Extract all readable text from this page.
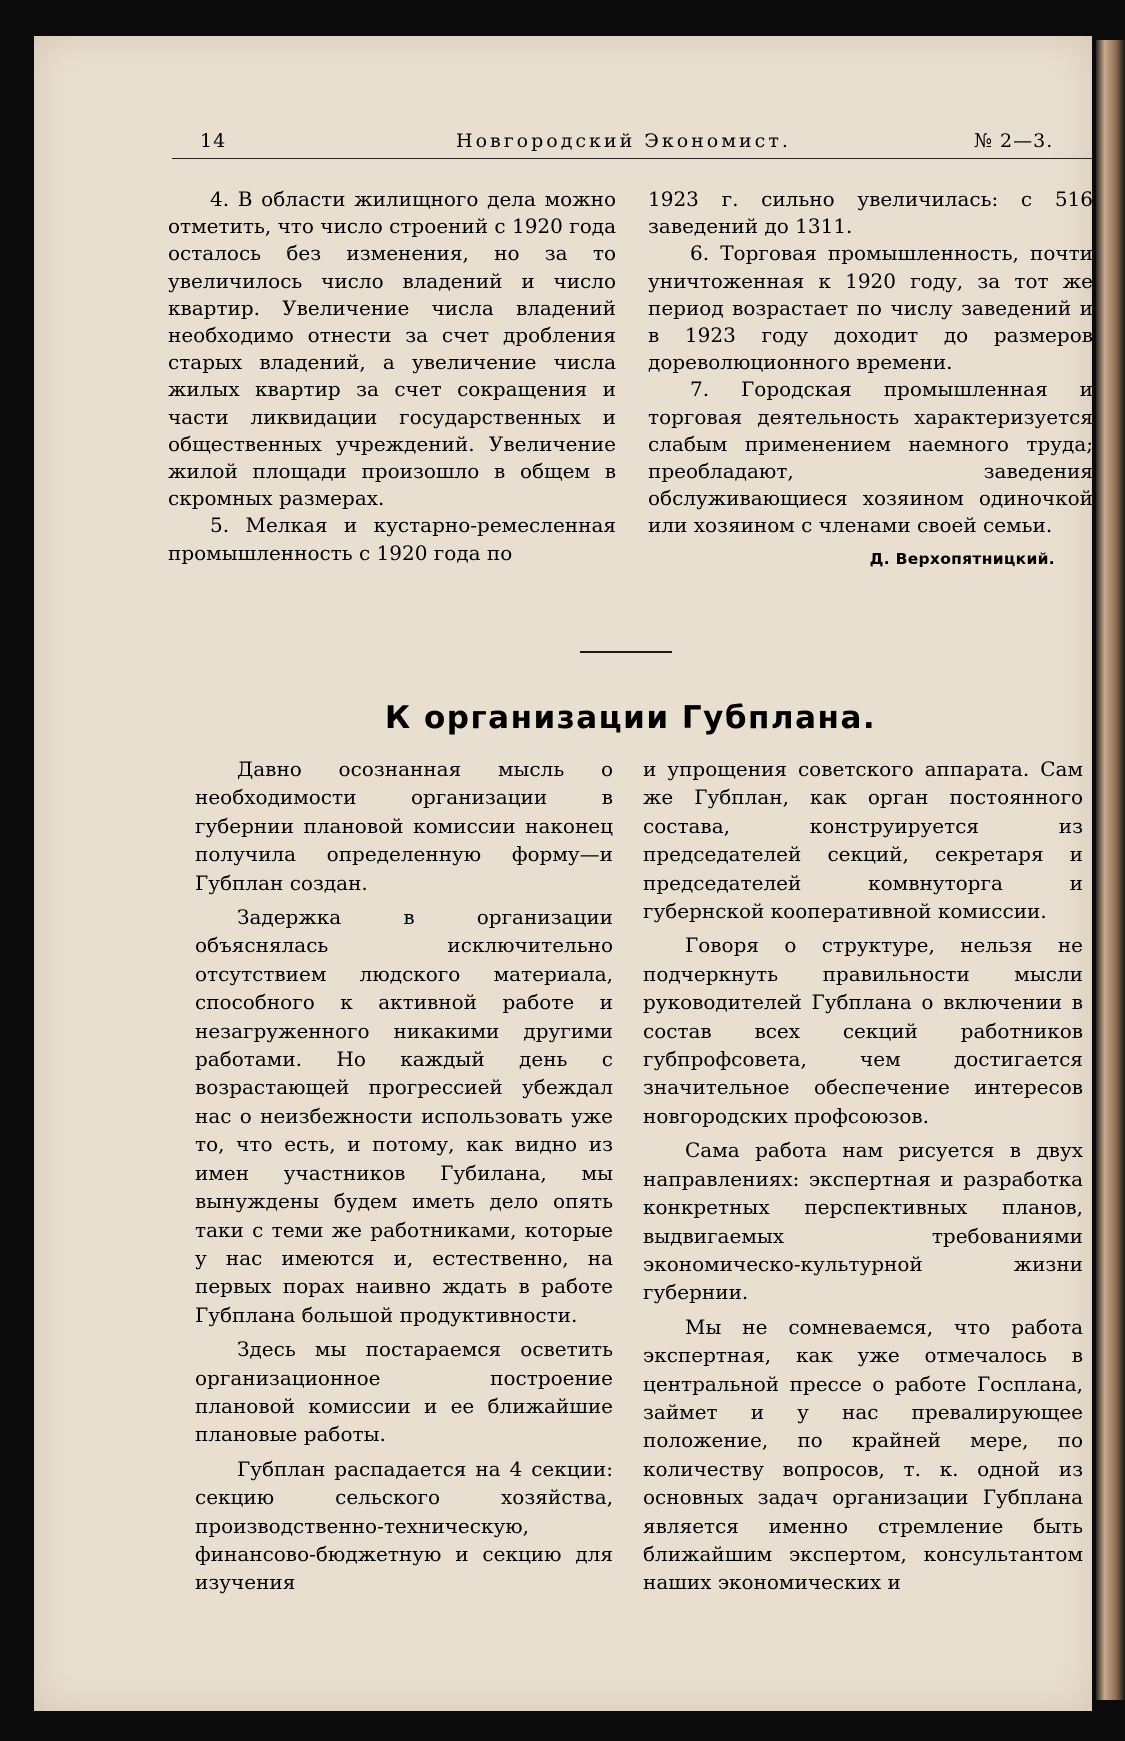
14	Новгородский Экономист.	№ 2—3.

4. В области жилищного дела можно отметить, что число строений с 1920 года осталось без изменения, но за то увеличилось число владений и число квартир. Увеличение числа владений необходимо отнести за счет дробления старых владений, а увеличение числа жилых квартир за счет сокращения и части ликвидации государственных и общественных учреждений. Увеличение жилой площади произошло в общем в скромных размерах.

5. Мелкая и кустарно-ремесленная промышленность с 1920 года по

1923 г. сильно увеличилась: с 516 заведений до 1311.

6. Торговая промышленность, почти уничтоженная к 1920 году, за тот же период возрастает по числу заведений и в 1923 году доходит до размеров дореволюционного времени.

7. Городская промышленная и торговая деятельность характеризуется слабым применением наемного труда; преобладают, заведения обслуживающиеся хозяином одиночкой или хозяином с членами своей семьи.

Д. Верхопятницкий.
К организации Губплана.

Давно осознанная мысль о необходимости организации в губернии плановой комиссии наконец получила определенную форму—и Губплан создан.

Задержка в организации объяснялась исключительно отсутствием людского материала, способного к активной работе и незагруженного никакими другими работами. Но каждый день с возрастающей прогрессией убеждал нас о неизбежности использовать уже то, что есть, и потому, как видно из имен участников Губилана, мы вынуждены будем иметь дело опять таки с теми же работниками, которые у нас имеются и, естественно, на первых порах наивно ждать в работе Губплана большой продуктивности.

Здесь мы постараемся осветить организационное построение плановой комиссии и ее ближайшие плановые работы.

Губплан распадается на 4 секции: секцию сельского хозяйства, производственно-техническую, финансово-бюджетную и секцию для изучения

и упрощения советского аппарата. Сам же Губплан, как орган постоянного состава, конструируется из председателей секций, секретаря и председателей комвнуторга и губернской кооперативной комиссии.

Говоря о структуре, нельзя не подчеркнуть правильности мысли руководителей Губплана о включении в состав всех секций работников губпрофсовета, чем достигается значительное обеспечение интересов новгородских профсоюзов.

Сама работа нам рисуется в двух направлениях: экспертная и разработка конкретных перспективных планов, выдвигаемых требованиями экономическо-культурной жизни губернии.

Мы не сомневаемся, что работа экспертная, как уже отмечалось в центральной прессе о работе Госплана, займет и у нас превалирующее положение, по крайней мере, по количеству вопросов, т. к. одной из основных задач организации Губплана является именно стремление быть ближайшим экспертом, консультантом наших экономических и
